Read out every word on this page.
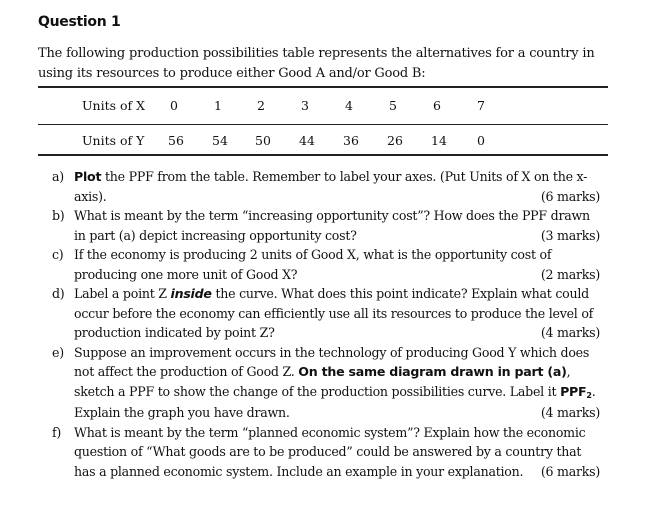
Question 1
The following production possibilities table represents the alternatives for a country in using its resources to produce either Good A and/or Good B:
Units of X	0	1	2	3	4	5	6	7
Units of Y	56	54	50	44	36	26	14	0
a) Plot the PPF from the table. Remember to label your axes. (Put Units of X on the x-axis).	(6 marks)
b) What is meant by the term “increasing opportunity cost”? How does the PPF drawn in part (a) depict increasing opportunity cost?	(3 marks)
c) If the economy is producing 2 units of Good X, what is the opportunity cost of producing one more unit of Good X?	(2 marks)
d) Label a point Z inside the curve. What does this point indicate? Explain what could occur before the economy can efficiently use all its resources to produce the level of production indicated by point Z?	(4 marks)
e) Suppose an improvement occurs in the technology of producing Good Y which does not affect the production of Good Z. On the same diagram drawn in part (a), sketch a PPF to show the change of the production possibilities curve. Label it $PPF_2$. Explain the graph you have drawn.	(4 marks)
f) What is meant by the term “planned economic system”? Explain how the economic question of “What goods are to be produced” could be answered by a country that has a planned economic system. Include an example in your explanation. (6 marks)
